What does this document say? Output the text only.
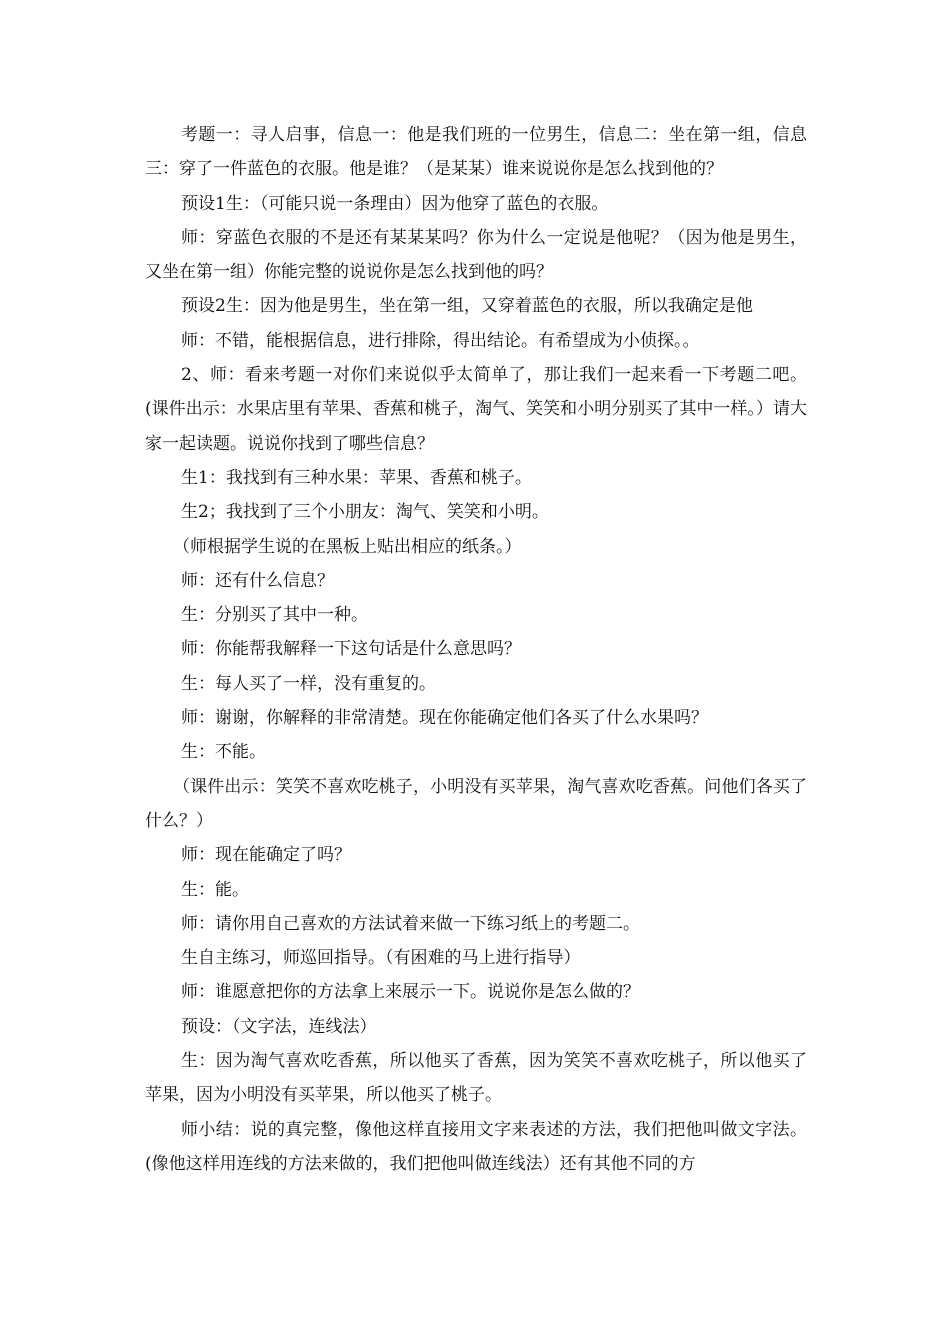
考题一：寻人启事，信息一：他是我们班的一位男生，信息二：坐在第一组，信息三：穿了一件蓝色的衣服。他是谁？（是某某）谁来说说你是怎么找到他的？

预设1生：（可能只说一条理由）因为他穿了蓝色的衣服。

师：穿蓝色衣服的不是还有某某某吗？你为什么一定说是他呢？（因为他是男生，又坐在第一组）你能完整的说说你是怎么找到他的吗？

预设2生：因为他是男生，坐在第一组，又穿着蓝色的衣服，所以我确定是他

师：不错，能根据信息，进行排除，得出结论。有希望成为小侦探。。

2、师：看来考题一对你们来说似乎太简单了，那让我们一起来看一下考题二吧。(课件出示：水果店里有苹果、香蕉和桃子，淘气、笑笑和小明分别买了其中一样。）请大家一起读题。说说你找到了哪些信息？

生1：我找到有三种水果：苹果、香蕉和桃子。

生2；我找到了三个小朋友：淘气、笑笑和小明。

（师根据学生说的在黑板上贴出相应的纸条。）

师：还有什么信息？

生：分别买了其中一种。

师：你能帮我解释一下这句话是什么意思吗？

生：每人买了一样，没有重复的。

师：谢谢，你解释的非常清楚。现在你能确定他们各买了什么水果吗？

生：不能。

（课件出示：笑笑不喜欢吃桃子，小明没有买苹果，淘气喜欢吃香蕉。问他们各买了什么？）

师：现在能确定了吗？

生：能。

师：请你用自己喜欢的方法试着来做一下练习纸上的考题二。

生自主练习，师巡回指导。（有困难的马上进行指导）

师：谁愿意把你的方法拿上来展示一下。说说你是怎么做的？

预设：（文字法，连线法）

生：因为淘气喜欢吃香蕉，所以他买了香蕉，因为笑笑不喜欢吃桃子，所以他买了苹果，因为小明没有买苹果，所以他买了桃子。

师小结：说的真完整，像他这样直接用文字来表述的方法，我们把他叫做文字法。(像他这样用连线的方法来做的，我们把他叫做连线法）还有其他不同的方
